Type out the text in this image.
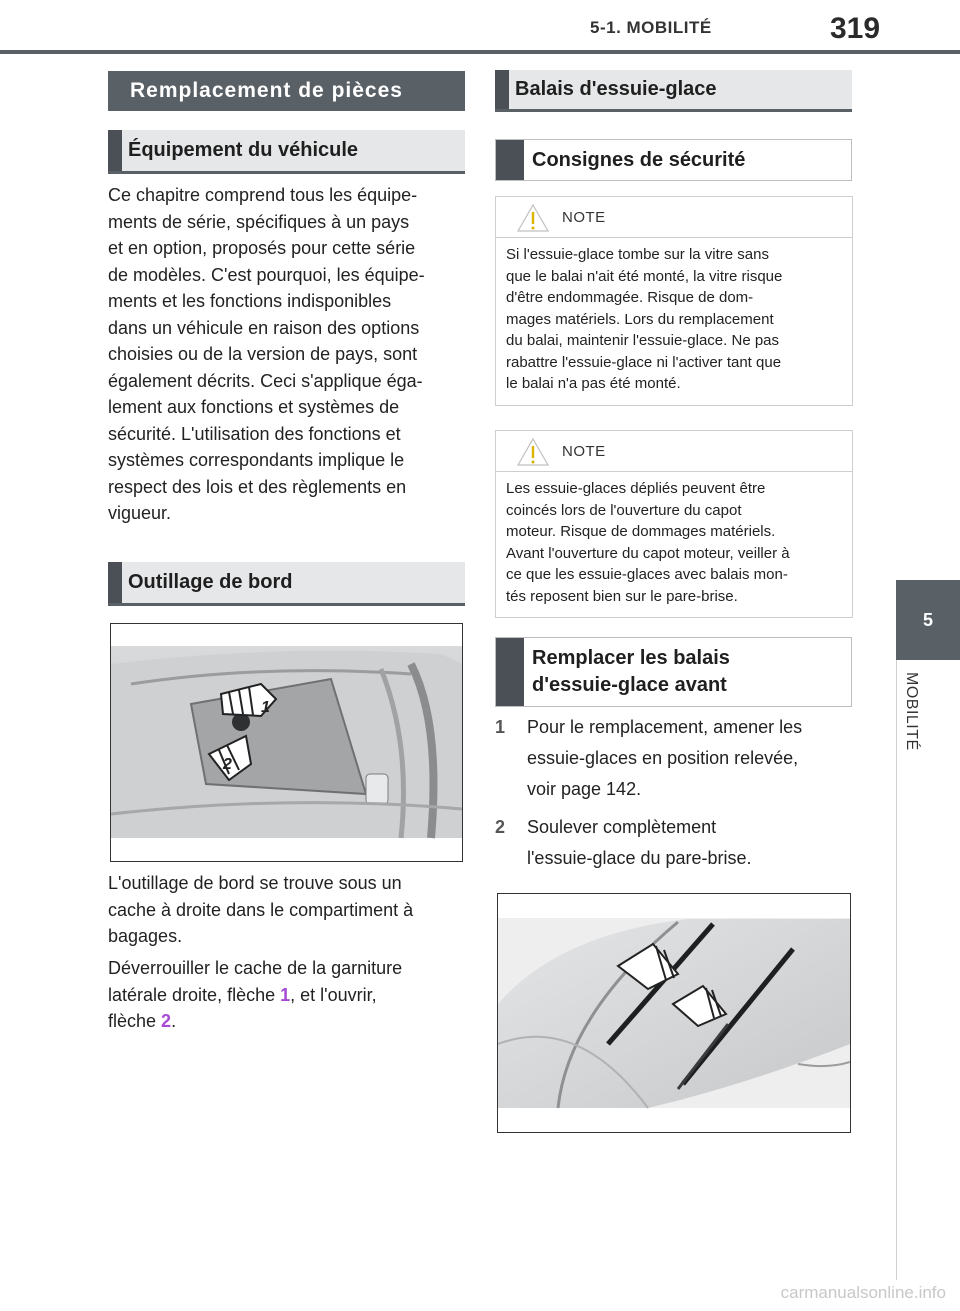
5-1. MOBILITÉ	319
5
MOBILITÉ
Remplacement de pièces
Équipement du véhicule
Ce chapitre comprend tous les équipe-
ments de série, spécifiques à un pays
et en option, proposés pour cette série
de modèles. C'est pourquoi, les équipe-
ments et les fonctions indisponibles
dans un véhicule en raison des options
choisies ou de la version de pays, sont
également décrits. Ceci s'applique éga-
lement aux fonctions et systèmes de
sécurité. L'utilisation des fonctions et
systèmes correspondants implique le
respect des lois et des règlements en
vigueur.
Outillage de bord
1
2
L'outillage de bord se trouve sous un
cache à droite dans le compartiment à
bagages.
Déverrouiller le cache de la garniture
latérale droite, flèche 1, et l'ouvrir,
flèche 2.
Balais d'essuie-glace
Consignes de sécurité
NOTE
Si l'essuie-glace tombe sur la vitre sans
que le balai n'ait été monté, la vitre risque
d'être endommagée. Risque de dom-
mages matériels. Lors du remplacement
du balai, maintenir l'essuie-glace. Ne pas
rabattre l'essuie-glace ni l'activer tant que
le balai n'a pas été monté.
NOTE
Les essuie-glaces dépliés peuvent être
coincés lors de l'ouverture du capot
moteur. Risque de dommages matériels.
Avant l'ouverture du capot moteur, veiller à
ce que les essuie-glaces avec balais mon-
tés reposent bien sur le pare-brise.
Remplacer les balais
d'essuie-glace avant
1 Pour le remplacement, amener les
essuie-glaces en position relevée,
voir page 142.
2 Soulever complètement
l'essuie-glace du pare-brise.
carmanualsonline.info
